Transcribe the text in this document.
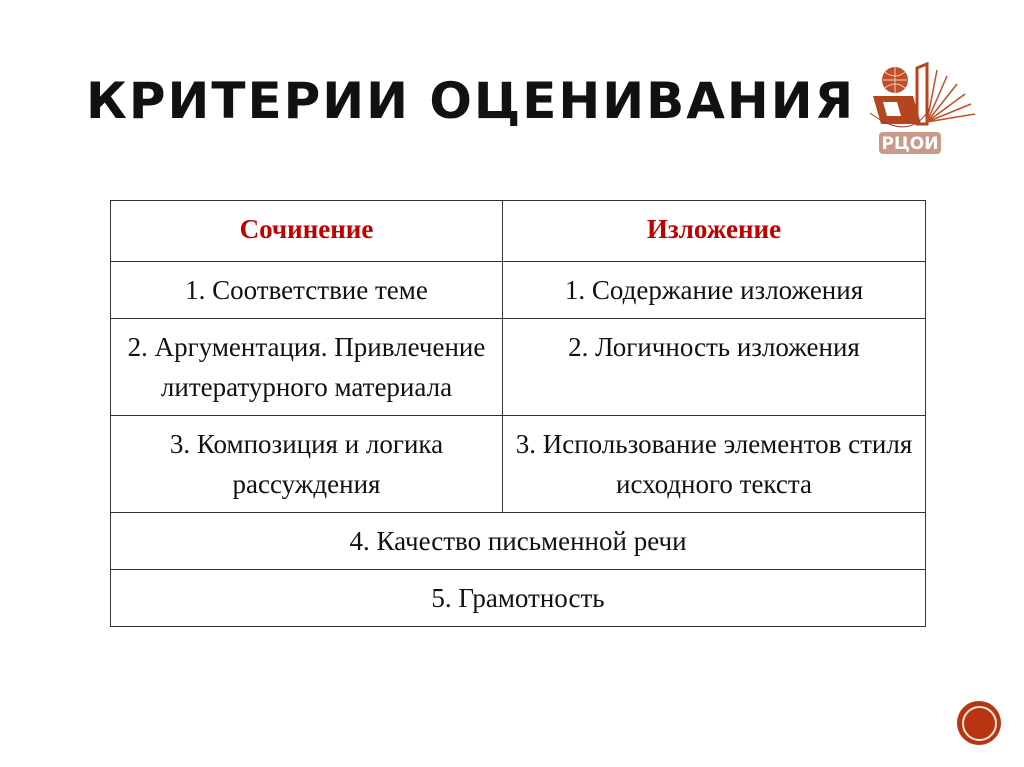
КРИТЕРИИ ОЦЕНИВАНИЯ
РЦОИ
Сочинение	Изложение
1. Соответствие теме	1. Содержание изложения
2. Аргументация. Привлечение литературного материала	2. Логичность изложения
3. Композиция и логика рассуждения	3. Использование элементов стиля исходного текста
4. Качество письменной речи	
5. Грамотность	
